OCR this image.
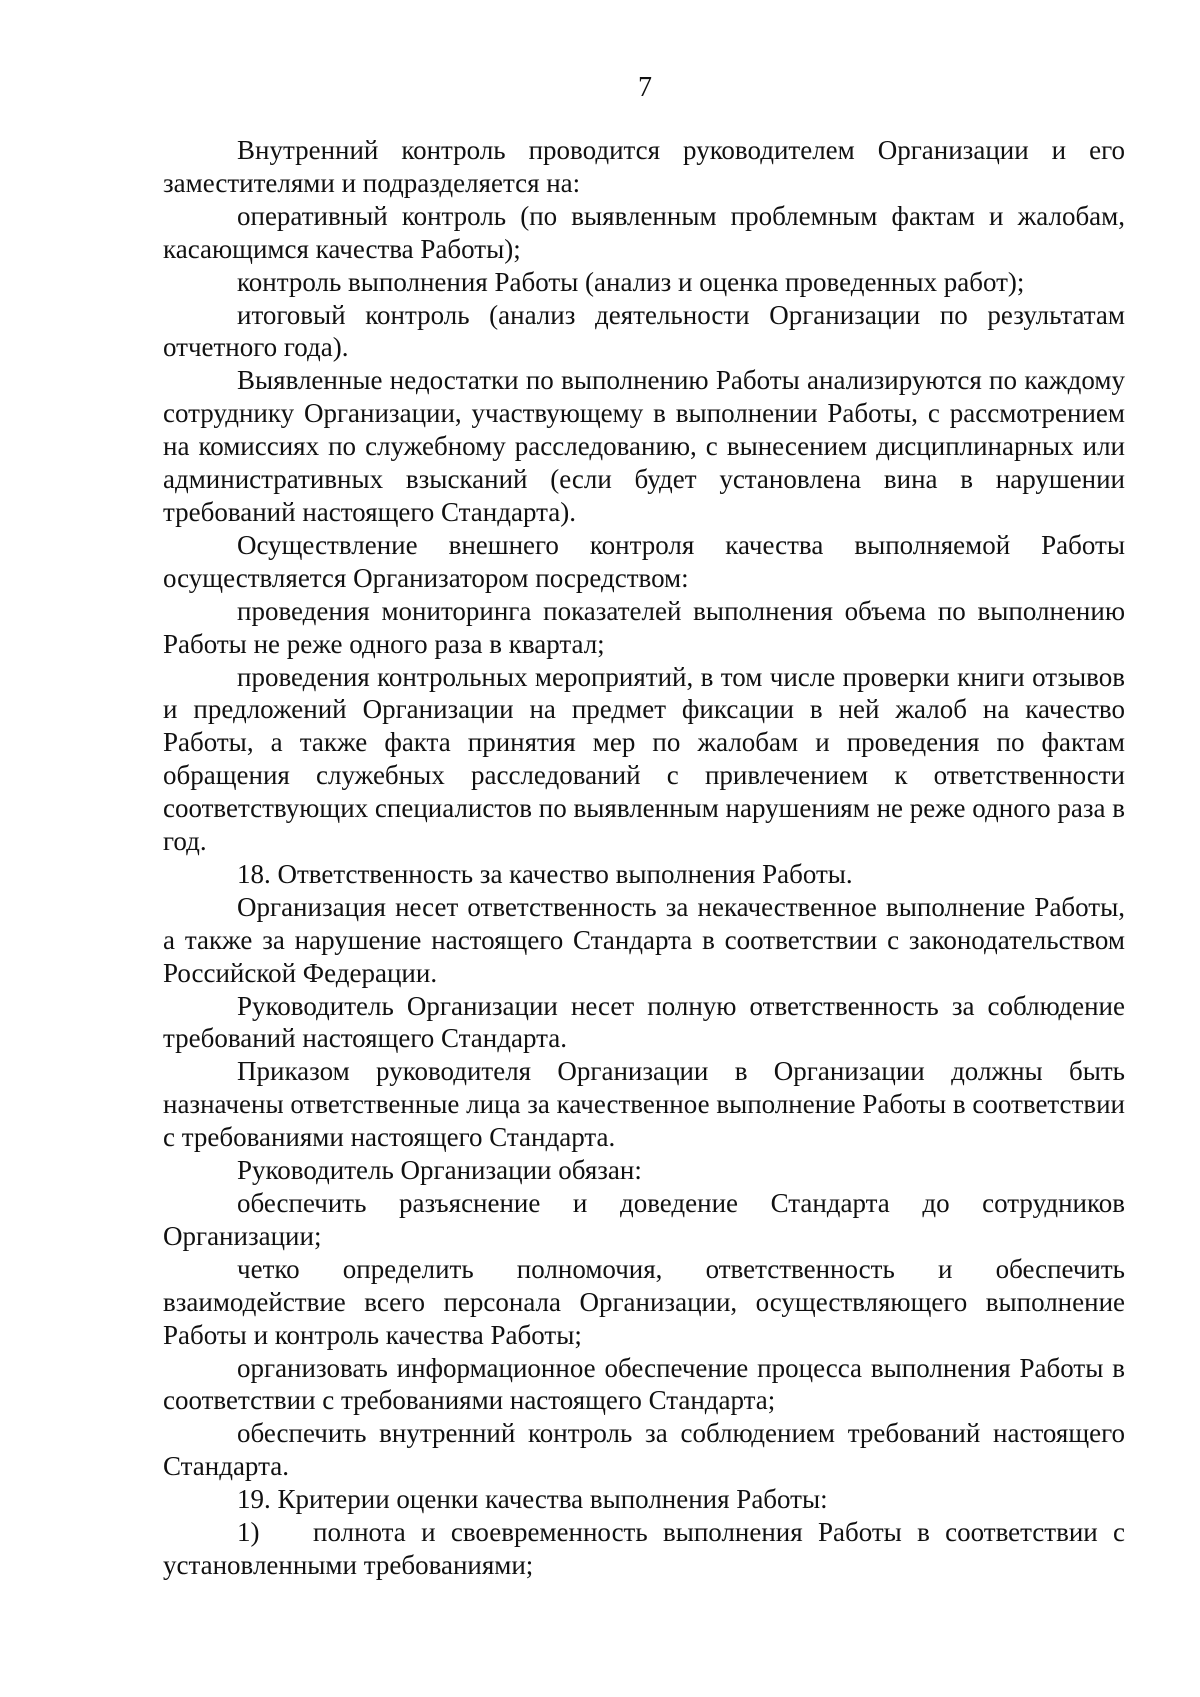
7

Внутренний контроль проводится руководителем Организации и его заместителями и подразделяется на:

оперативный контроль (по выявленным проблемным фактам и жалобам, касающимся качества Работы);

контроль выполнения Работы (анализ и оценка проведенных работ);

итоговый контроль (анализ деятельности Организации по результатам отчетного года).

Выявленные недостатки по выполнению Работы анализируются по каждому сотруднику Организации, участвующему в выполнении Работы, с рассмотрением на комиссиях по служебному расследованию, с вынесением дисциплинарных или административных взысканий (если будет установлена вина в нарушении требований настоящего Стандарта).

Осуществление внешнего контроля качества выполняемой Работы осуществляется Организатором посредством:

проведения мониторинга показателей выполнения объема по выполнению Работы не реже одного раза в квартал;

проведения контрольных мероприятий, в том числе проверки книги отзывов и предложений Организации на предмет фиксации в ней жалоб на качество Работы, а также факта принятия мер по жалобам и проведения по фактам обращения служебных расследований с привлечением к ответственности соответствующих специалистов по выявленным нарушениям не реже одного раза в год.

18. Ответственность за качество выполнения Работы.

Организация несет ответственность за некачественное выполнение Работы, а также за нарушение настоящего Стандарта в соответствии с законодательством Российской Федерации.

Руководитель Организации несет полную ответственность за соблюдение требований настоящего Стандарта.

Приказом руководителя Организации в Организации должны быть назначены ответственные лица за качественное выполнение Работы в соответствии с требованиями настоящего Стандарта.

Руководитель Организации обязан:

обеспечить разъяснение и доведение Стандарта до сотрудников Организации;

четко определить полномочия, ответственность и обеспечить взаимодействие всего персонала Организации, осуществляющего выполнение Работы и контроль качества Работы;

организовать информационное обеспечение процесса выполнения Работы в соответствии с требованиями настоящего Стандарта;

обеспечить внутренний контроль за соблюдением требований настоящего Стандарта.

19. Критерии оценки качества выполнения Работы:

1) полнота и своевременность выполнения Работы в соответствии с установленными требованиями;
